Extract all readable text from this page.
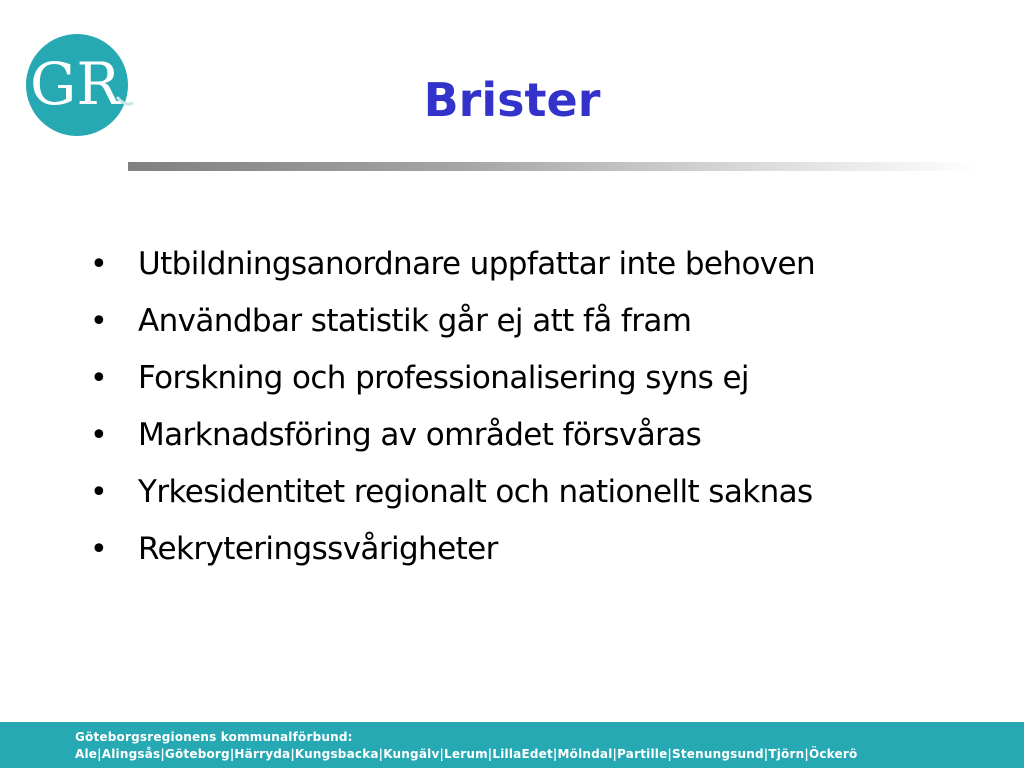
GR	Brister
• Utbildningsanordnare uppfattar inte behoven
• Användbar statistik går ej att få fram
• Forskning och professionalisering syns ej
• Marknadsföring av området försvåras
• Yrkesidentitet regionalt och nationellt saknas
• Rekryteringssvårigheter
Göteborgsregionens kommunalförbund:
Ale|Alingsås|Göteborg|Härryda|Kungsbacka|Kungälv|Lerum|LillaEdet|Mölndal|Partille|Stenungsund|Tjörn|Öckerö
